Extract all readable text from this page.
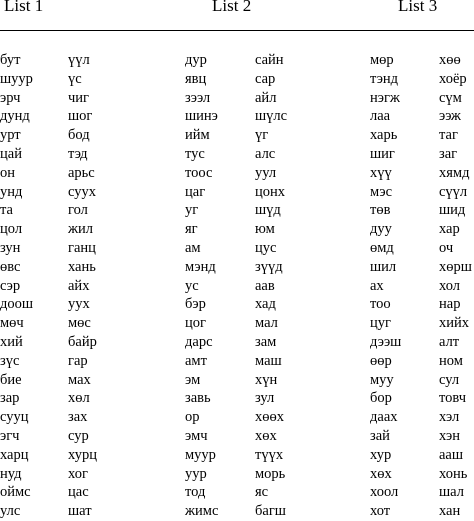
List 1	List 2	List 3
бут
шуур
эрч
дунд
урт
цай
он
унд
та
цол
зун
өвс
сэр
доош
мөч
хий
зүс
бие
зар
сууц
эгч
харц
нуд
оймс
улс
үүл
үс
чиг
шог
бод
тэд
арьс
суух
гол
жил
ганц
хань
айх
уух
мөс
байр
гар
мах
хөл
зах
сур
хурц
хог
цас
шат
дур
явц
зээл
шинэ
ийм
тус
тоос
цаг
уг
яг
ам
мэнд
ус
бэр
цог
дарс
амт
эм
завь
ор
эмч
муур
уур
тод
жимс
сайн
сар
айл
шүлс
үг
алс
уул
цонх
шүд
юм
цус
зүүд
аав
хад
мал
зам
маш
хүн
зул
хөөх
хөх
түүх
морь
яс
багш
мөр
тэнд
нэгж
лаа
харь
шиг
хүү
мэс
төв
дуу
өмд
шил
ах
тоо
цуг
дээш
өөр
муу
бор
даах
зай
хур
хөх
хоол
хот
хөө
хоёр
сүм
ээж
таг
заг
хямд
сүүл
шид
хар
оч
хөрш
хол
нар
хийх
алт
ном
сул
товч
хэл
хэн
ааш
хонь
шал
хан
